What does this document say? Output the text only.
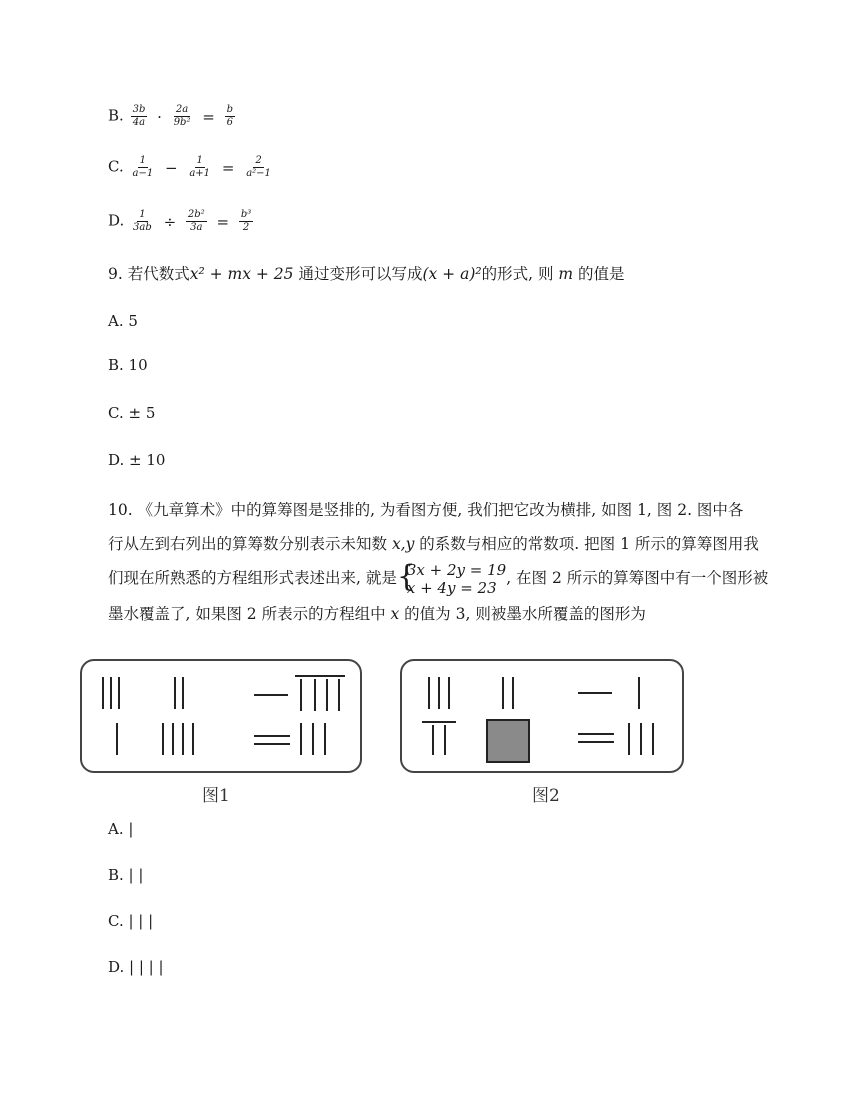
B. $\frac{3b}{4a} \cdot \frac{2a}{\text{9b²}} = \frac{b}{6}$
C. $\frac{1}{a-1} - \frac{1}{a+1} = \frac{2}{\text{a²−1}}$
D. $\frac{1}{3ab} \div \frac{\text{2b²}}{3a} = \frac{\text{b³}}{2}$
9. 若代数式x² + mx + 25 通过变形可以写成(x + a)²的形式, 则 m 的值是
A. 5
B. 10
C. ± 5
D. ± 10

10. 《九章算术》中的算筹图是竖排的, 为看图方便, 我们把它改为横排, 如图 1, 图 2. 图中各

行从左到右列出的算筹数分别表示未知数 x,y 的系数与相应的常数项. 把图 1 所示的算筹图用我

们现在所熟悉的方程组形式表述出来, 就是 {
3x + 2y = 19
x + 4y = 23
, 在图 2 所示的算筹图中有一个图形被

墨水覆盖了, 如果图 2 所表示的方程组中 x 的值为 3, 则被墨水所覆盖的图形为

图1	图2
A. |
B. | |
C. | | |
D. | | | |
